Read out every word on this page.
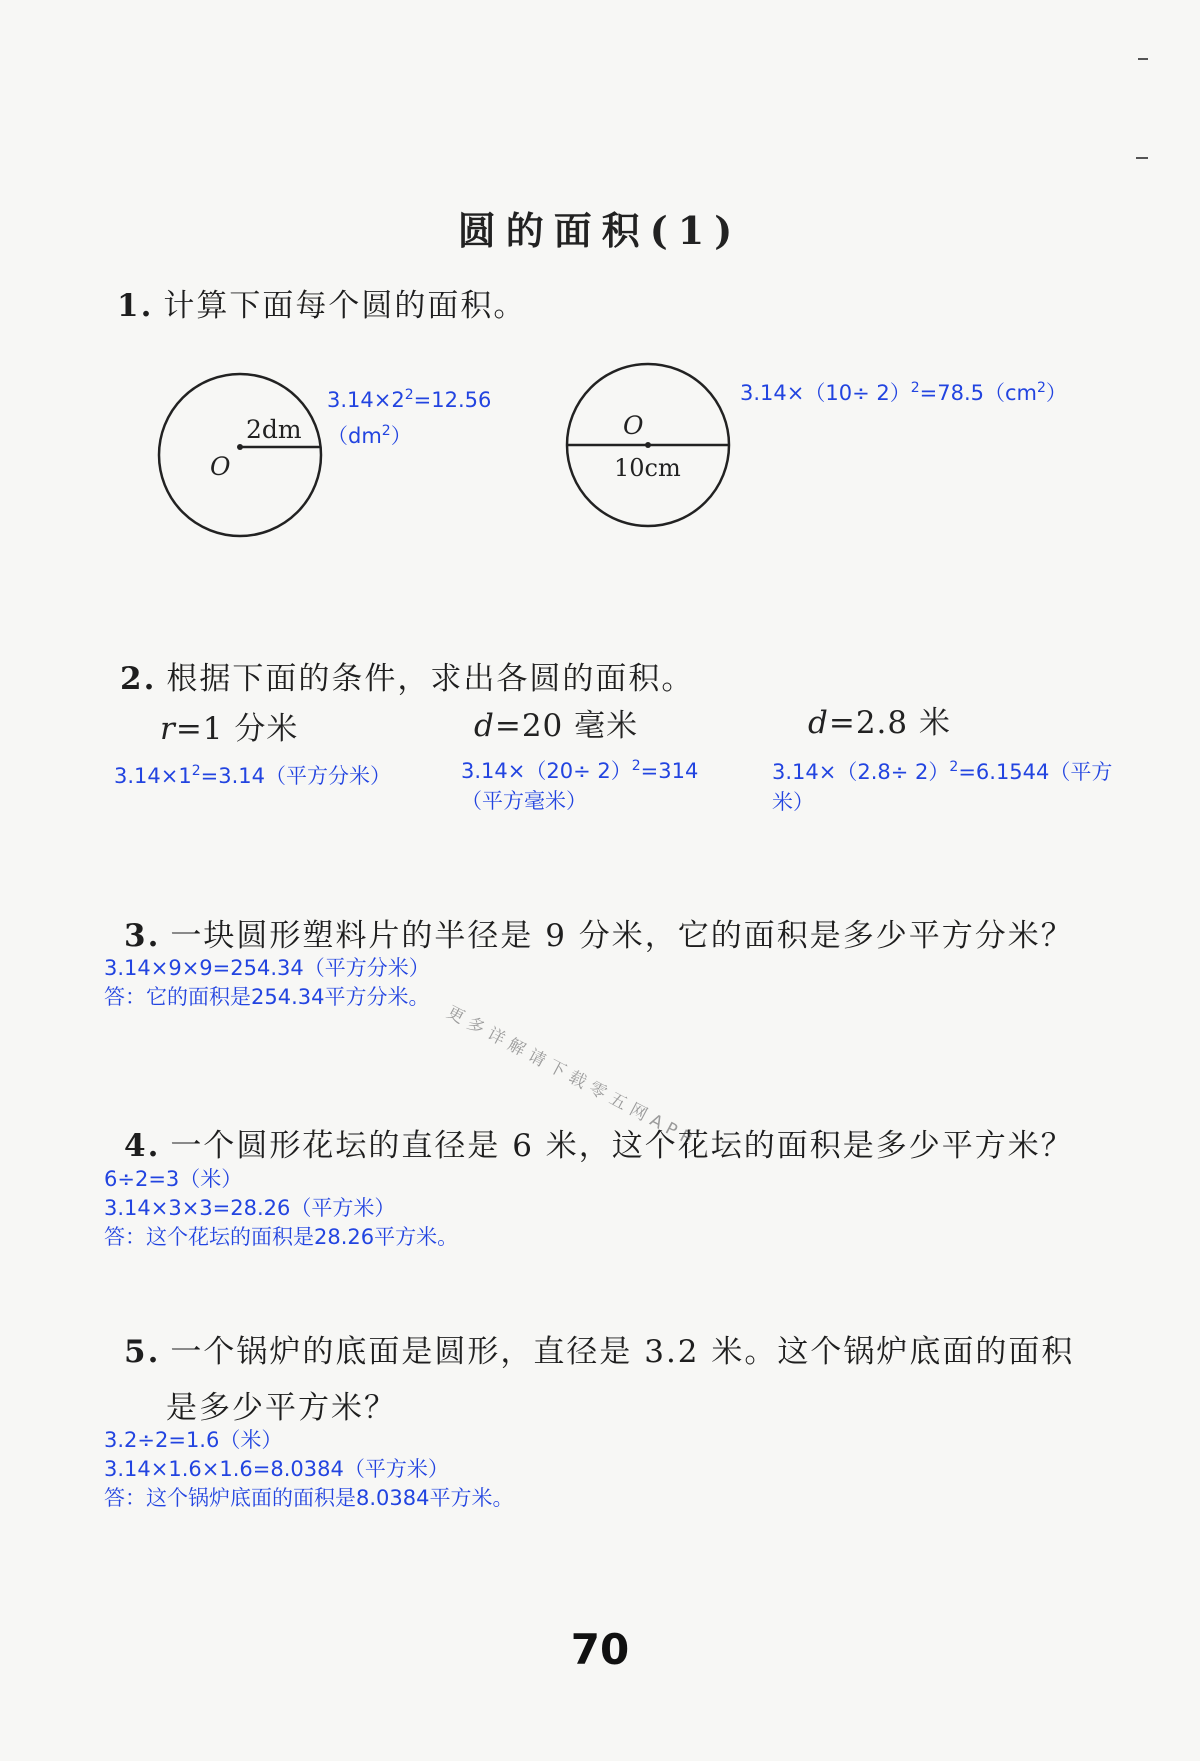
圆的面积(1)
1. 计算下面每个圆的面积。
2dm
O
$3.14\times 2^2=12.56$
$(dm^2)$	O
10cm
$3.14\times(10\div 2)^2=78.5(cm^2)$
2. 根据下面的条件，求出各圆的面积。
r=1 分米	d=20 毫米	d=2.8 米
$3.14\times 1^2=3.14$（平方分米）	$3.14\times(20\div 2)^2=314$
（平方毫米）
$3.14\times(2.8\div 2)^2=6.1544$（平方
米）
3. 一块圆形塑料片的半径是 9 分米，它的面积是多少平方分米？
3.14×9×9=254.34（平方分米）
答：它的面积是254.34平方分米。
更多详解请下载零五网APP
4. 一个圆形花坛的直径是 6 米，这个花坛的面积是多少平方米？
6÷2=3（米）
3.14×3×3=28.26（平方米）
答：这个花坛的面积是28.26平方米。
5. 一个锅炉的底面是圆形，直径是 3.2 米。这个锅炉底面的面积
是多少平方米？
3.2÷2=1.6（米）
3.14×1.6×1.6=8.0384（平方米）
答：这个锅炉底面的面积是8.0384平方米。
70
